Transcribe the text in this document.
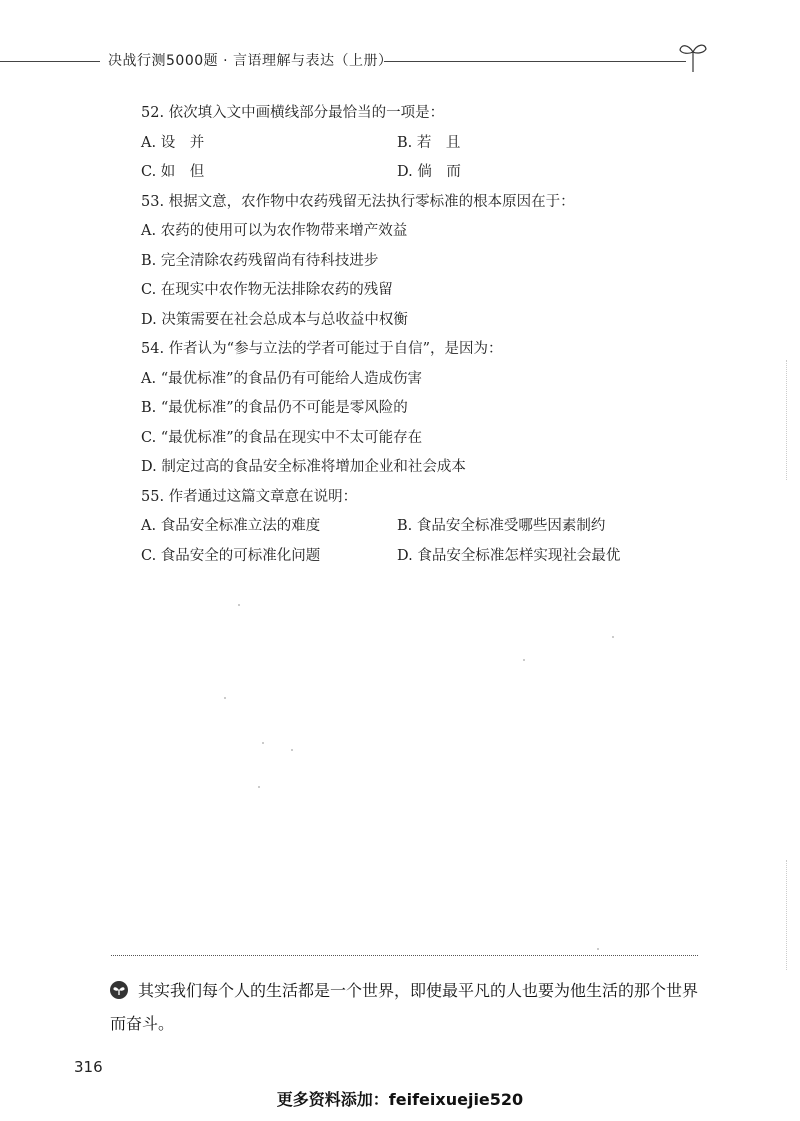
决战行测5000题 · 言语理解与表达（上册）
52. 依次填入文中画横线部分最恰当的一项是：
A. 设　并	B. 若　且
C. 如　但	D. 倘　而
53. 根据文意，农作物中农药残留无法执行零标准的根本原因在于：
A. 农药的使用可以为农作物带来增产效益
B. 完全清除农药残留尚有待科技进步
C. 在现实中农作物无法排除农药的残留
D. 决策需要在社会总成本与总收益中权衡
54. 作者认为“参与立法的学者可能过于自信”，是因为：
A. “最优标准”的食品仍有可能给人造成伤害
B. “最优标准”的食品仍不可能是零风险的
C. “最优标准”的食品在现实中不太可能存在
D. 制定过高的食品安全标准将增加企业和社会成本
55. 作者通过这篇文章意在说明：
A. 食品安全标准立法的难度	B. 食品安全标准受哪些因素制约
C. 食品安全的可标准化问题	D. 食品安全标准怎样实现社会最优
其实我们每个人的生活都是一个世界，即使最平凡的人也要为他生活的那个世界而奋斗。
316
更多资料添加：feifeixuejie520
